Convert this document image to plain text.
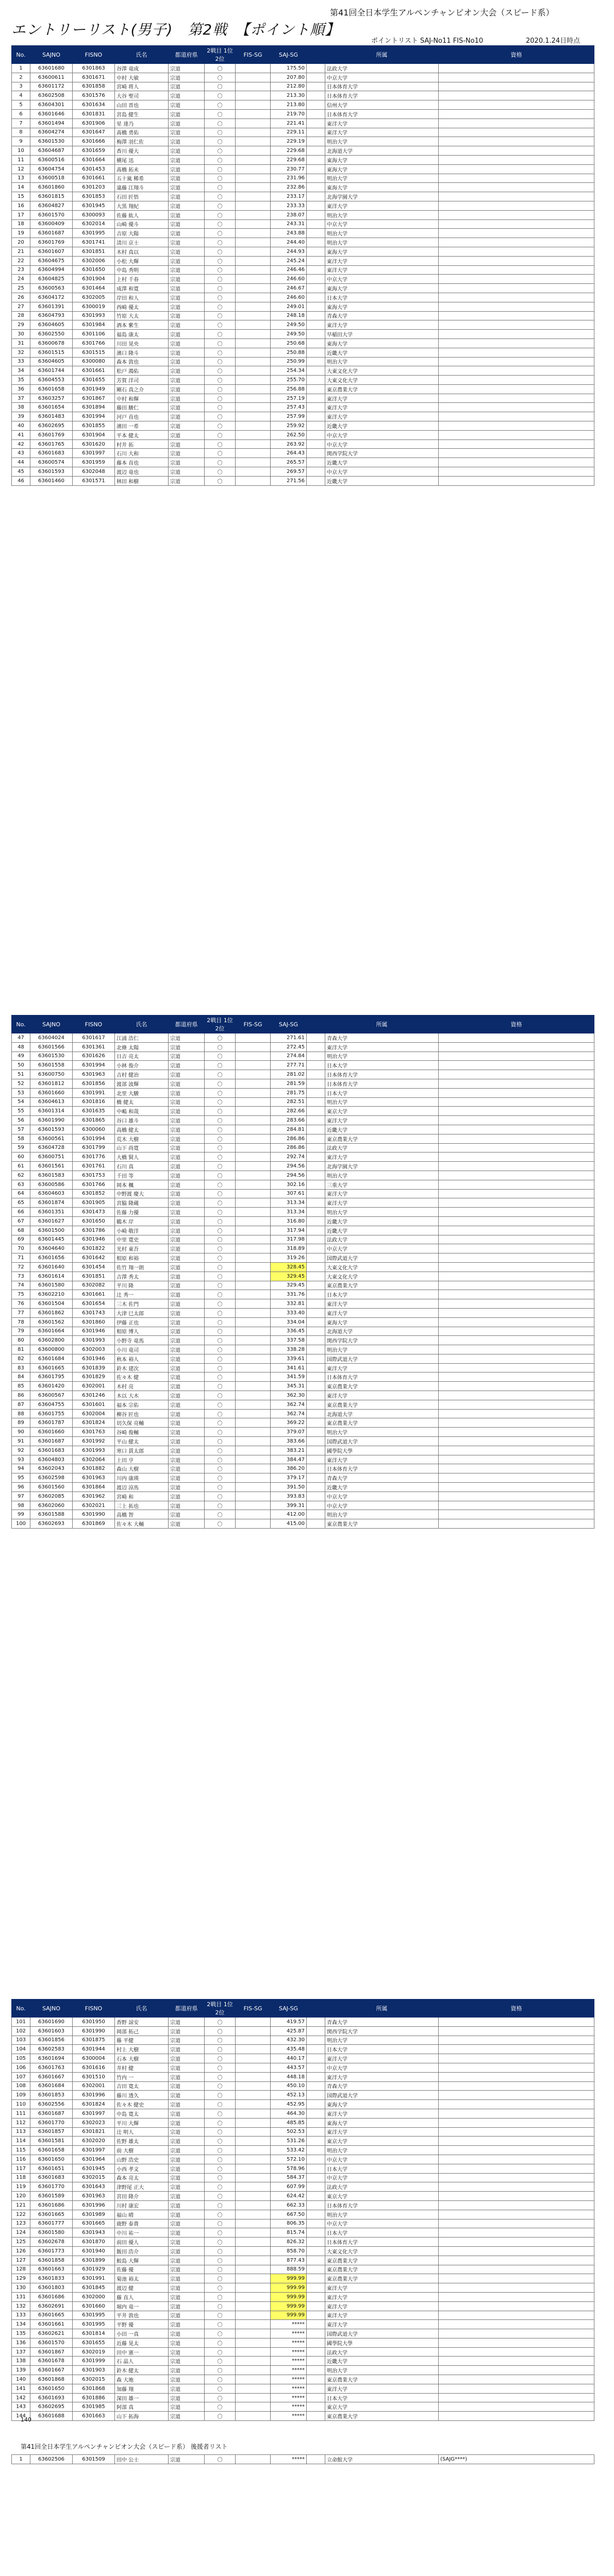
第41回全日本学生アルペンチャンピオン大会（スピード系）
エントリーリスト(男子)　第2戦　【ポイント順】
ポイントリスト SAJ-No11 FIS-No10	2020.1.24日時点
No.	SAJNO	FISNO	氏名	都道府県	2戦目 1位2位	FIS-SG	SAJ-SG		所属	資格
1	63601680	6301863	谷澤 竜成	宗道	〇		175.50		法政大学	
2	63600611	6301671	中村 大敏	宗道	〇		207.80		中京大学	
3	63601172	6301858	宮崎 将人	宗道	〇		212.80		日本体育大学	
4	63602508	6301576	大谷 聖司	宗道	〇		213.30		日本体育大学	
5	63604301	6301634	山田 晋也	宗道	〇		213.80		信州大学	
6	63601646	6301831	宮島 健生	宗道	〇		219.70		日本体育大学	
7	63601494	6301906	星 達乃	宗道	〇		221.41		東洋大学	
8	63604274	6301647	髙橋 勇佑	宗道	〇		229.11		東洋大学	
9	63601530	6301666	梅澤 羽仁佐	宗道	〇		229.19		明治大学	
10	63604687	6301659	香川 優大	宗道	〇		229.68		北海道大学	
11	63600516	6301664	横尾 迅	宗道	〇		229.68		東海大学	
12	63604754	6301453	髙橋 拓未	宗道	〇		230.77		東海大学	
13	63600518	6301661	五十嵐 稀希	宗道	〇		231.96		明治大学	
14	63601860	6301203	遠藤 江翔斗	宗道	〇		232.86		東海大学	
15	63601815	6301853	石田 匠悟	宗道	〇		233.17		北海学園大学	
16	63604827	6301945	大黒 翔紀	宗道	〇		233.33		東洋大学	
17	63601570	6300093	佐藤 紘人	宗道	〇		238.07		明治大学	
18	63600409	6302014	山崎 優斗	宗道	〇		243.31		中京大学	
19	63601687	6301995	吉原 大陽	宗道	〇		243.88		明治大学	
20	63601769	6301741	清川 京士	宗道	〇		244.40		明治大学	
21	63601607	6301851	木村 真以	宗道	〇		244.93		東海大学	
22	63604675	6302006	小松 大輝	宗道	〇		245.24		東洋大学	
23	63604994	6301650	中島 秀明	宗道	〇		246.46		東洋大学	
24	63604825	6301904	上村 千春	宗道	〇		246.60		中京大学	
25	63600563	6301464	成澤 和寛	宗道	〇		246.67		東海大学	
26	63604172	6302005	岸田 和人	宗道	〇		246.60		日本大学	
27	63601391	6300019	西崎 優太	宗道	〇		249.01		東海大学	
28	63604793	6301993	竹原 大太	宗道	〇		248.18		青森大学	
29	63604605	6301984	酒本 紫生	宗道	〇		249.50		東洋大学	
30	63602550	6301106	福島 康太	宗道	〇		249.50		早稲田大学	
31	63600678	6301766	川田 晃央	宗道	〇		250.68		東海大学	
32	63601515	6301515	濱口 隆斗	宗道	〇		250.88		近畿大学	
33	63604605	6300080	森本 敦也	宗道	〇		250.99		明治大学	
34	63601744	6301661	松戸 鴻佑	宗道	〇		254.34		大東文化大学	
35	63604553	6301655	芳賀 洋司	宗道	〇		255.70		大東文化大学	
36	63601658	6301949	剛石 真之介	宗道	〇		256.88		東京農業大学	
37	63603257	6301867	中村 和輝	宗道	〇		257.19		東洋大学	
38	63601654	6301894	藤田 駿仁	宗道	〇		257.43		東洋大学	
39	63601483	6301994	河戸 直也	宗道	〇		257.99		東洋大学	
40	63602695	6301855	濱田 一希	宗道	〇		259.92		近畿大学	
41	63601769	6301904	平本 健太	宗道	〇		262.50		中京大学	
42	63601765	6301620	村井 拓	宗道	〇		263.92		中京大学	
43	63601683	6301997	石川 大和	宗道	〇		264.43		関西学院大学	
44	63600574	6301959	藤本 直也	宗道	〇		265.57		近畿大学	
45	63601593	6302048	渡辺 竜也	宗道	〇		269.57		中京大学	
46	63601460	6301571	林田 和樹	宗道	〇		271.56		近畿大学	
No.	SAJNO	FISNO	氏名	都道府県	2戦目 1位2位	FIS-SG	SAJ-SG		所属	資格
47	63604024	6301617	江浦 浩仁	宗道	〇		271.61		青森大学	
48	63601566	6301361	北條 太陽	宗道	〇		272.45		東洋大学	
49	63601530	6301626	日吉 亮太	宗道	〇		274.84		明治大学	
50	63601558	6301994	小林 俊介	宗道	〇		277.71		日本大学	
51	63600750	6301963	吉村 健治	宗道	〇		281.02		日本体育大学	
52	63601812	6301856	渡部 波輝	宗道	〇		281.59		日本体育大学	
53	63601660	6301991	北里 大駿	宗道	〇		281.75		日本大学	
54	63604613	6301816	橋 健太	宗道	〇		282.51		明治大学	
55	63601314	6301635	中嶋 和哉	宗道	〇		282.66		東京大学	
56	63601990	6301865	谷口 雄斗	宗道	〇		283.66		東洋大学	
57	63601593	6300060	高橋 健太	宗道	〇		284.81		近畿大学	
58	63600561	6301994	荒木 大樹	宗道	〇		286.86		東京農業大学	
59	63604728	6301799	山下 尚寛	宗道	〇		286.86		法政大学	
60	63600751	6301776	大橋 賢人	宗道	〇		292.74		東洋大学	
61	63601561	6301761	石川 真	宗道	〇		294.56		北海学園大学	
62	63601583	6301753	千田 等	宗道	〇		294.56		明治大学	
63	63600586	6301766	岡本 楓	宗道	〇		302.16		三重大学	
64	63604603	6301852	中野渡 慶大	宗道	〇		307.61		東洋大学	
65	63601874	6301905	宮脇 隆蔵	宗道	〇		313.34		東洋大学	
66	63601351	6301473	佐藤 力優	宗道	〇		313.34		明治大学	
67	63601627	6301650	鶴木 岸	宗道	〇		316.80		近畿大学	
68	63601500	6301786	小崎 敬洋	宗道	〇		317.94		近畿大学	
69	63601445	6301946	中里 寛史	宗道	〇		317.98		法政大学	
70	63604640	6301822	光村 東吾	宗道	〇		318.89		中京大学	
71	63601656	6301642	相原 和裕	宗道	〇		319.26		国際武道大学	
72	63601640	6301454	佐竹 翔一朗	宗道	〇		328.45		大東文化大学	
73	63601614	6301851	吉澤 秀太	宗道	〇		329.45		大東文化大学	
74	63601580	6302082	平川 隆	宗道	〇		329.45		東京農業大学	
75	63602210	6301661	辻 秀一	宗道	〇		331.76		日本大学	
76	63601504	6301654	三木 佐門	宗道	〇		332.81		東洋大学	
77	63601862	6301743	大津 巳太郎	宗道	〇		333.40		東洋大学	
78	63601562	6301860	伊藤 正也	宗道	〇		334.04		東海大学	
79	63601664	6301946	相原 博人	宗道	〇		336.45		北海道大学	
80	63602800	6301993	小野寺 竜馬	宗道	〇		337.58		関西学院大学	
81	63600800	6302003	小川 竜司	宗道	〇		338.28		明治大学	
82	63601684	6301946	秋本 裕人	宗道	〇		339.61		国際武道大学	
83	63601665	6301839	鈴木 建次	宗道	〇		341.61		東洋大学	
84	63601795	6301829	佐々木 健	宗道	〇		341.59		日本体育大学	
85	63601420	6302001	木村 亮	宗道	〇		345.31		東京農業大学	
86	63600567	6301246	木以 大木	宗道	〇		362.30		東洋大学	
87	63604755	6301601	福本 宗佑	宗道	〇		362.74		東京農業大学	
88	63601755	6302004	柳谷 匠也	宗道	〇		362.74		北海道大学	
89	63601787	6301824	切久保 亮輔	宗道	〇		369.22		東京農業大学	
90	63601660	6301763	谷崎 俊輔	宗道	〇		379.07		明治大学	
91	63601687	6301992	平山 健太	宗道	〇		383.66		国際武道大学	
92	63601683	6301993	寒口 貫太郎	宗道	〇		383.21		國學院大學	
93	63604803	6302064	上田 亨	宗道	〇		384.47		東洋大学	
94	63602043	6301882	森山 大樹	宗道	〇		386.20		日本体育大学	
95	63602598	6301963	川内 康瑛	宗道	〇		379.17		青森大学	
96	63601560	6301864	渡辺 涼馬	宗道	〇		391.50		近畿大学	
97	63602085	6301962	宮崎 和	宗道	〇		393.83		中京大学	
98	63602060	6302021	三上 拓也	宗道	〇		399.31		中京大学	
99	63601588	6301990	高橋 智	宗道	〇		412.00		明治大学	
100	63602693	6301869	佐々木 大輔	宗道	〇		415.00		東京農業大学	
No.	SAJNO	FISNO	氏名	都道府県	2戦目 1位2位	FIS-SG	SAJ-SG		所属	資格
101	63601690	6301950	香野 諒安	宗道	〇		419.57		青森大学	
102	63601603	6301990	岡部 拓己	宗道	〇		425.87		関西学院大学	
103	63601856	6301875	藤 平健	宗道	〇		432.30		明治大学	
104	63602583	6301944	村上 大樹	宗道	〇		435.48		日本大学	
105	63601694	6300004	石本 大樹	宗道	〇		440.17		東洋大学	
106	63601763	6301616	井村 健	宗道	〇		443.57		中京大学	
107	63601667	6301510	竹内 一	宗道	〇		448.18		東洋大学	
108	63601684	6302001	吉田 寛太	宗道	〇		450.10		青森大学	
109	63601853	6301996	藤川 透久	宗道	〇		452.13		国際武道大学	
110	63602556	6301824	佐々木 健史	宗道	〇		452.95		東海大学	
111	63601687	6301997	中島 寛太	宗道	〇		464.30		東洋大学	
112	63601770	6302023	平川 大輝	宗道	〇		485.85		東海大学	
113	63601857	6301821	辻 明人	宗道	〇		502.53		東洋大学	
114	63601581	6302020	佐野 雄太	宗道	〇		531.26		東京大学	
115	63601658	6301997	前 大樹	宗道	〇		533.42		明治大学	
116	63601650	6301964	山野 浩史	宗道	〇		572.10		中京大学	
117	63601651	6301945	小西 孝文	宗道	〇		578.96		日本大学	
118	63601683	6302015	森本 亮太	宗道	〇		584.37		中京大学	
119	63601770	6301643	津野尾 正大	宗道	〇		607.99		法政大学	
120	63601589	6301963	宮田 隆介	宗道	〇		624.42		東京大学	
121	63601686	6301996	川村 康宏	宗道	〇		662.33		日本体育大学	
122	63601665	6301989	福山 晴	宗道	〇		667.50		明治大学	
123	63601777	6301665	鹿野 泰貴	宗道	〇		806.35		中京大学	
124	63601580	6301943	中川 祐一	宗道	〇		815.74		日本大学	
125	63602678	6301870	前田 優人	宗道	〇		826.32		日本体育大学	
126	63601773	6301940	飯田 浩介	宗道	〇		858.70		大東文化大学	
127	63601858	6301899	鮫島 大輝	宗道	〇		877.43		東京農業大学	
128	63601663	6301929	佐藤 優	宗道	〇		888.59		東京農業大学	
129	63601833	6301991	菊池 裕太	宗道	〇		999.99		東京農業大学	
130	63601803	6301845	渡辺 健	宗道	〇		999.99		東洋大学	
131	63601686	6302000	藤 直人	宗道	〇		999.99		東洋大学	
132	63602691	6301660	堀内 竜一	宗道	〇		999.99		東洋大学	
133	63601665	6301995	平井 敦也	宗道	〇		999.99		東洋大学	
134	63601661	6301995	平野 優	宗道	〇		*****		東洋大学	
135	63602621	6301814	小田 一真	宗道	〇		*****		国際武道大学	
136	63601570	6301655	近藤 晃太	宗道	〇		*****		國學院大學	
137	63601867	6302019	田中 憲一	宗道	〇		*****		法政大学	
138	63601678	6301999	石 晶人	宗道	〇		*****		近畿大学	
139	63601667	6301903	鈴木 健太	宗道	〇		*****		明治大学	
140	63601868	6302015	森 大地	宗道	〇		*****		東京農業大学	
141	63601650	6301868	加藤 翔	宗道	〇		*****		東洋大学	
142	63601693	6301886	深田 雄一	宗道	〇		*****		日本大学	
143	63602695	6301985	阿部 真	宗道	〇		*****		東京大学	
144	63601688	6301663	山下 拓海	宗道	〇		*****		東京農業大学	
140
第41回全日本学生アルペンチャンピオン大会（スピード系） 後援者リスト
1	63602506	6301509	田中 公士	宗道	〇		*****		立命館大学	(SAJG****)
